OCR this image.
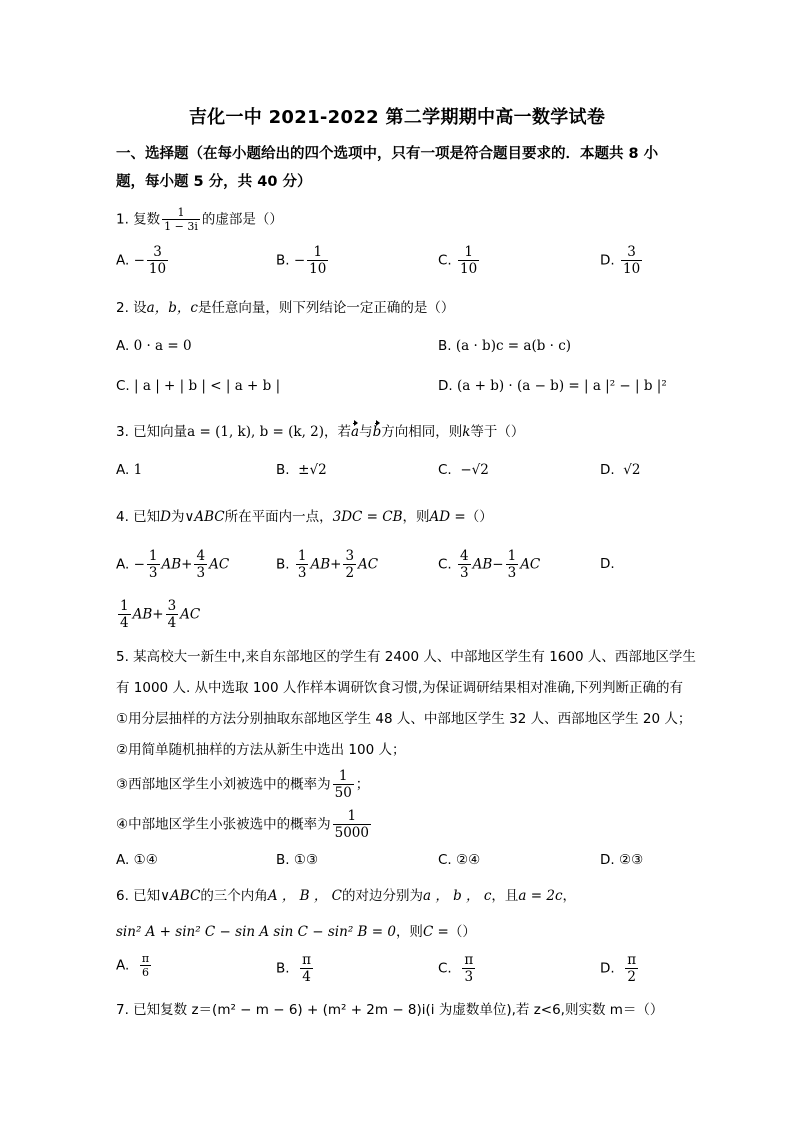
吉化一中 2021-2022 第二学期期中高一数学试卷
一、选择题（在每小题给出的四个选项中，只有一项是符合题目要求的．本题共 8 小
题，每小题 5 分，共 40 分）
1. 复数 $\frac{1}{1 - 3i}$ 的虚部是（）
A. − $\frac{3}{10}$	B. − $\frac{1}{10}$	C. $\frac{1}{10}$	D. $\frac{3}{10}$
2. 设a，b，c是任意向量，则下列结论一定正确的是（）
A. 0 · a = 0	B. (a · b)c = a(b · c)
C. | a | + | b | < | a + b |	D. (a + b) · (a − b) = | a |² − | b |²
3. 已知向量a = (1, k), b = (k, 2)，若a与b方向相同，则k等于（）
A. 1	B. ±√2	C. −√2	D. √2
4. 已知D为∨ABC所在平面内一点，3DC = CB，则AD =（）
A. − $\frac{1}{3} AB+ \frac{4}{3}$ AC	B. $\frac{1}{3} AB+ \frac{3}{2}$ AC	C. $\frac{4}{3} AB- \frac{1}{3}$ AC	D.
$\frac{1}{4} AB+ \frac{3}{4}$ AC
5. 某高校大一新生中,来自东部地区的学生有 2400 人、中部地区学生有 1600 人、西部地区学生
有 1000 人. 从中选取 100 人作样本调研饮食习惯,为保证调研结果相对准确,下列判断正确的有
①用分层抽样的方法分别抽取东部地区学生 48 人、中部地区学生 32 人、西部地区学生 20 人；
②用简单随机抽样的方法从新生中选出 100 人；
③西部地区学生小刘被选中的概率为 $\frac{1}{50}$ ；
④中部地区学生小张被选中的概率为 $\frac{1}{5000}$
A. ①④	B. ①③	C. ②④	D. ②③
6. 已知∨ABC的三个内角A ， B ， C的对边分别为a ， b ， c，且a = 2c，
sin² A + sin² C − sin A sin C − sin² B = 0，则C =（）
A. $\frac{\pi}{6}$	B. $\frac{\pi}{4}$	C. $\frac{\pi}{3}$	D. $\frac{\pi}{2}$
7. 已知复数 z＝(m² − m − 6) + (m² + 2m − 8)i(i 为虚数单位),若 z<6,则实数 m＝（）
